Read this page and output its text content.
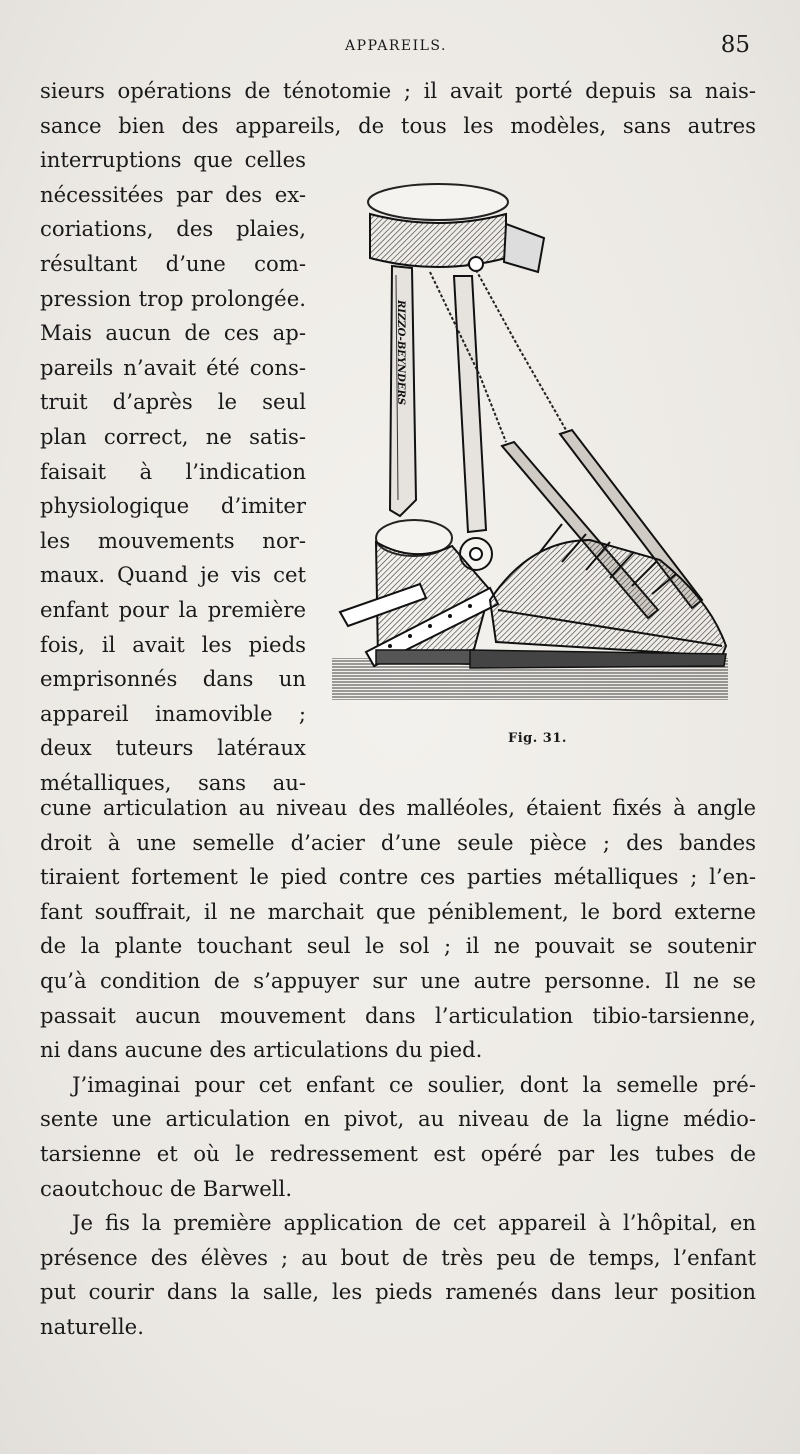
APPAREILS.	85
sieurs opérations de ténotomie ; il avait porté depuis sa nais-
sance bien des appareils, de tous les modèles, sans autres
interruptions que celles
nécessitées par des ex-
coriations, des plaies,
résultant d’une com-
pression trop prolongée.
Mais aucun de ces ap-
pareils n’avait été cons-
truit d’après le seul
plan correct, ne satis-
faisait à l’indication
physiologique d’imiter
les mouvements nor-
maux. Quand je vis cet
enfant pour la première
fois, il avait les pieds
emprisonnés dans un
appareil inamovible ;
deux tuteurs latéraux
métalliques, sans au-
RIZZO-BEYNDERS
Fig. 31.
cune articulation au niveau des malléoles, étaient fixés à angle
droit à une semelle d’acier d’une seule pièce ; des bandes
tiraient fortement le pied contre ces parties métalliques ; l’en-
fant souffrait, il ne marchait que péniblement, le bord externe
de la plante touchant seul le sol ; il ne pouvait se soutenir
qu’à condition de s’appuyer sur une autre personne. Il ne se
passait aucun mouvement dans l’articulation tibio-tarsienne,
ni dans aucune des articulations du pied.
J’imaginai pour cet enfant ce soulier, dont la semelle pré-
sente une articulation en pivot, au niveau de la ligne médio-
tarsienne et où le redressement est opéré par les tubes de
caoutchouc de Barwell.
Je fis la première application de cet appareil à l’hôpital, en
présence des élèves ; au bout de très peu de temps, l’enfant
put courir dans la salle, les pieds ramenés dans leur position
naturelle.
